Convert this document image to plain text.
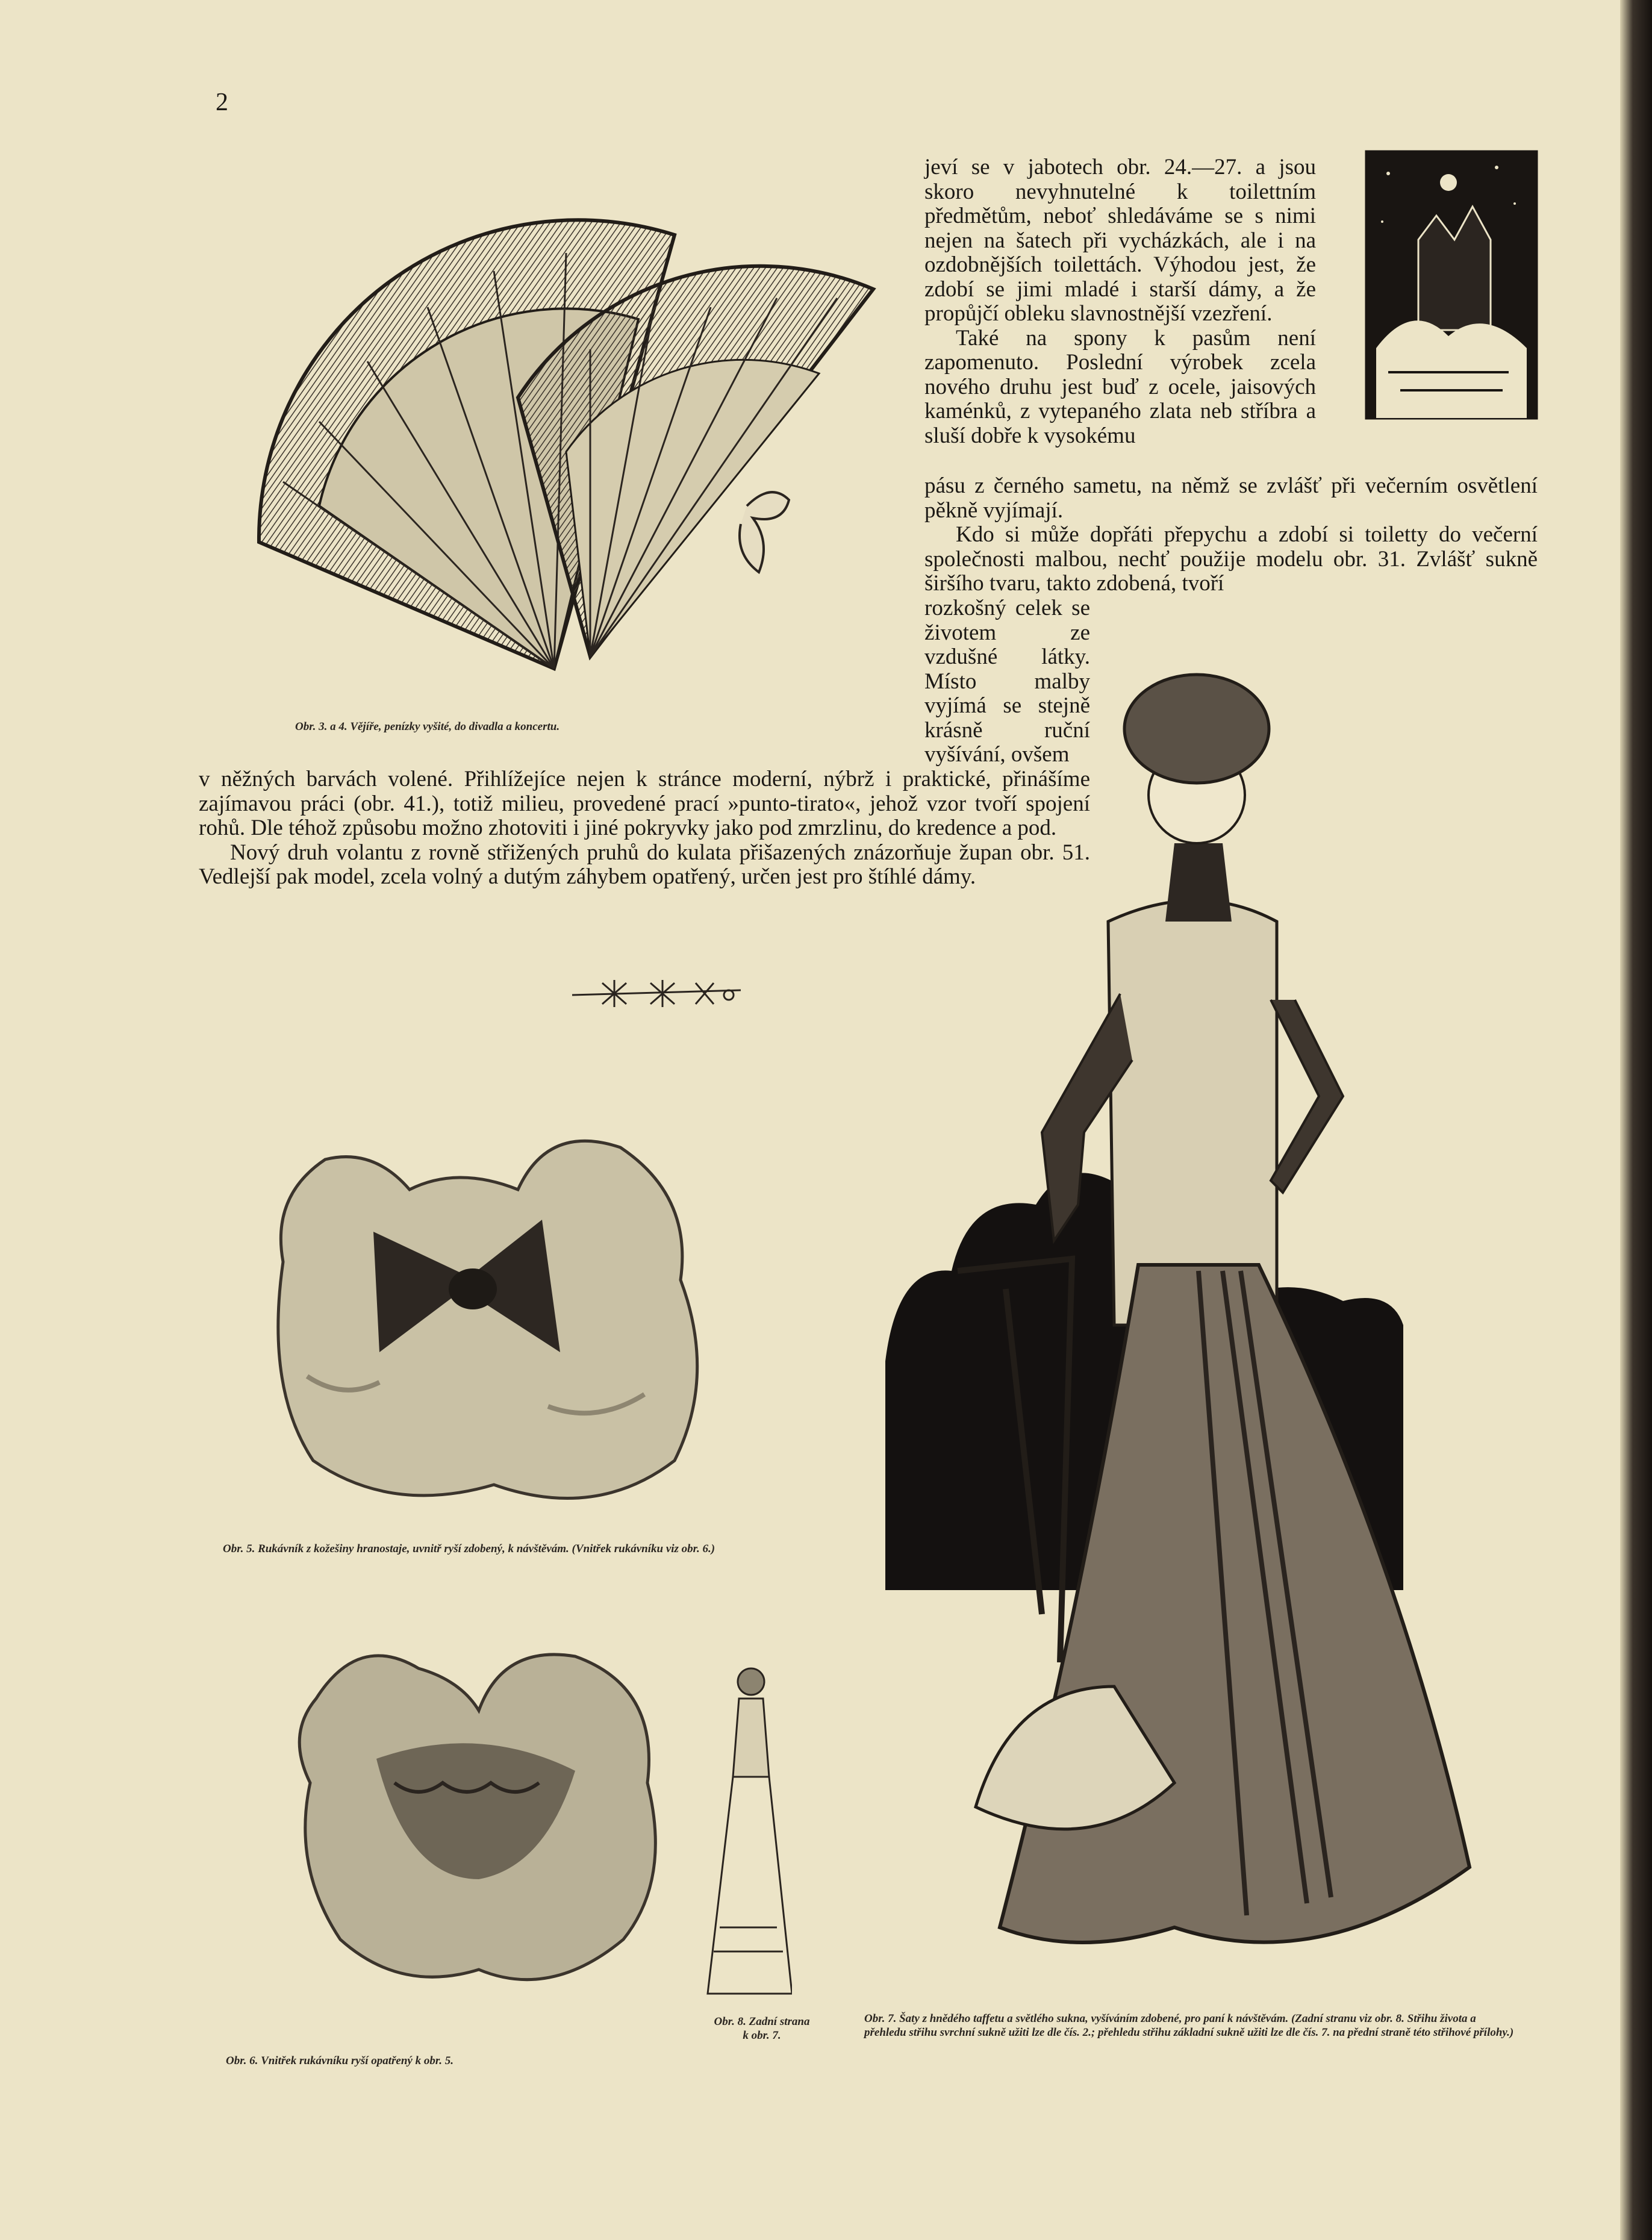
2
Obr. 3. a 4. Vějíře, penízky vyšité, do divadla a koncertu.

jeví se v jabotech obr. 24.—27. a jsou skoro nevyhnutelné k toilettním předmětům, neboť shledáváme se s nimi nejen na šatech při vycházkách, ale i na ozdobnějších toilettách. Výhodou jest, že zdobí se jimi mladé i starší dámy, a že propůjčí obleku slavnostnější vzezření.

Také na spony k pasům není zapomenuto. Poslední výrobek zcela nového druhu jest buď z ocele, jaisových kaménků, z vytepaného zlata neb stříbra a sluší dobře k vysokému

pásu z černého sametu, na němž se zvlášť při večerním osvětlení pěkně vyjímají.

Kdo si může dopřáti přepychu a zdobí si toiletty do večerní společnosti malbou, nechť použije modelu obr. 31. Zvlášť sukně širšího tvaru, takto zdobená, tvoří

rozkošný celek se životem ze vzdušné látky. Místo malby vyjímá se stejně krásně ruční vyšívání, ovšem

v něžných barvách volené. Přihlížejíce nejen k stránce moderní, nýbrž i praktické, přinášíme zajímavou práci (obr. 41.), totiž milieu, provedené prací »punto-tirato«, jehož vzor tvoří spojení rohů. Dle téhož způsobu možno zhotoviti i jiné pokryvky jako pod zmrzlinu, do kredence a pod.

Nový druh volantu z rovně střižených pruhů do kulata přišazených znázorňuje župan obr. 51. Vedlejší pak model, zcela volný a dutým záhybem opatřený, určen jest pro štíhlé dámy.

Obr. 5. Rukávník z kožešiny hranostaje, uvnitř ryší zdobený, k návštěvám. (Vnitřek rukávníku viz obr. 6.)
Obr. 6. Vnitřek rukávníku ryší opatřený k obr. 5.
Obr. 8. Zadní strana k obr. 7.
Obr. 7. Šaty z hnědého taffetu a světlého sukna, vyšíváním zdobené, pro paní k návštěvám. (Zadní stranu viz obr. 8. Střihu života a přehledu střihu svrchní sukně užiti lze dle čís. 2.; přehledu střihu základní sukně užiti lze dle čís. 7. na přední straně této střihové přílohy.)
